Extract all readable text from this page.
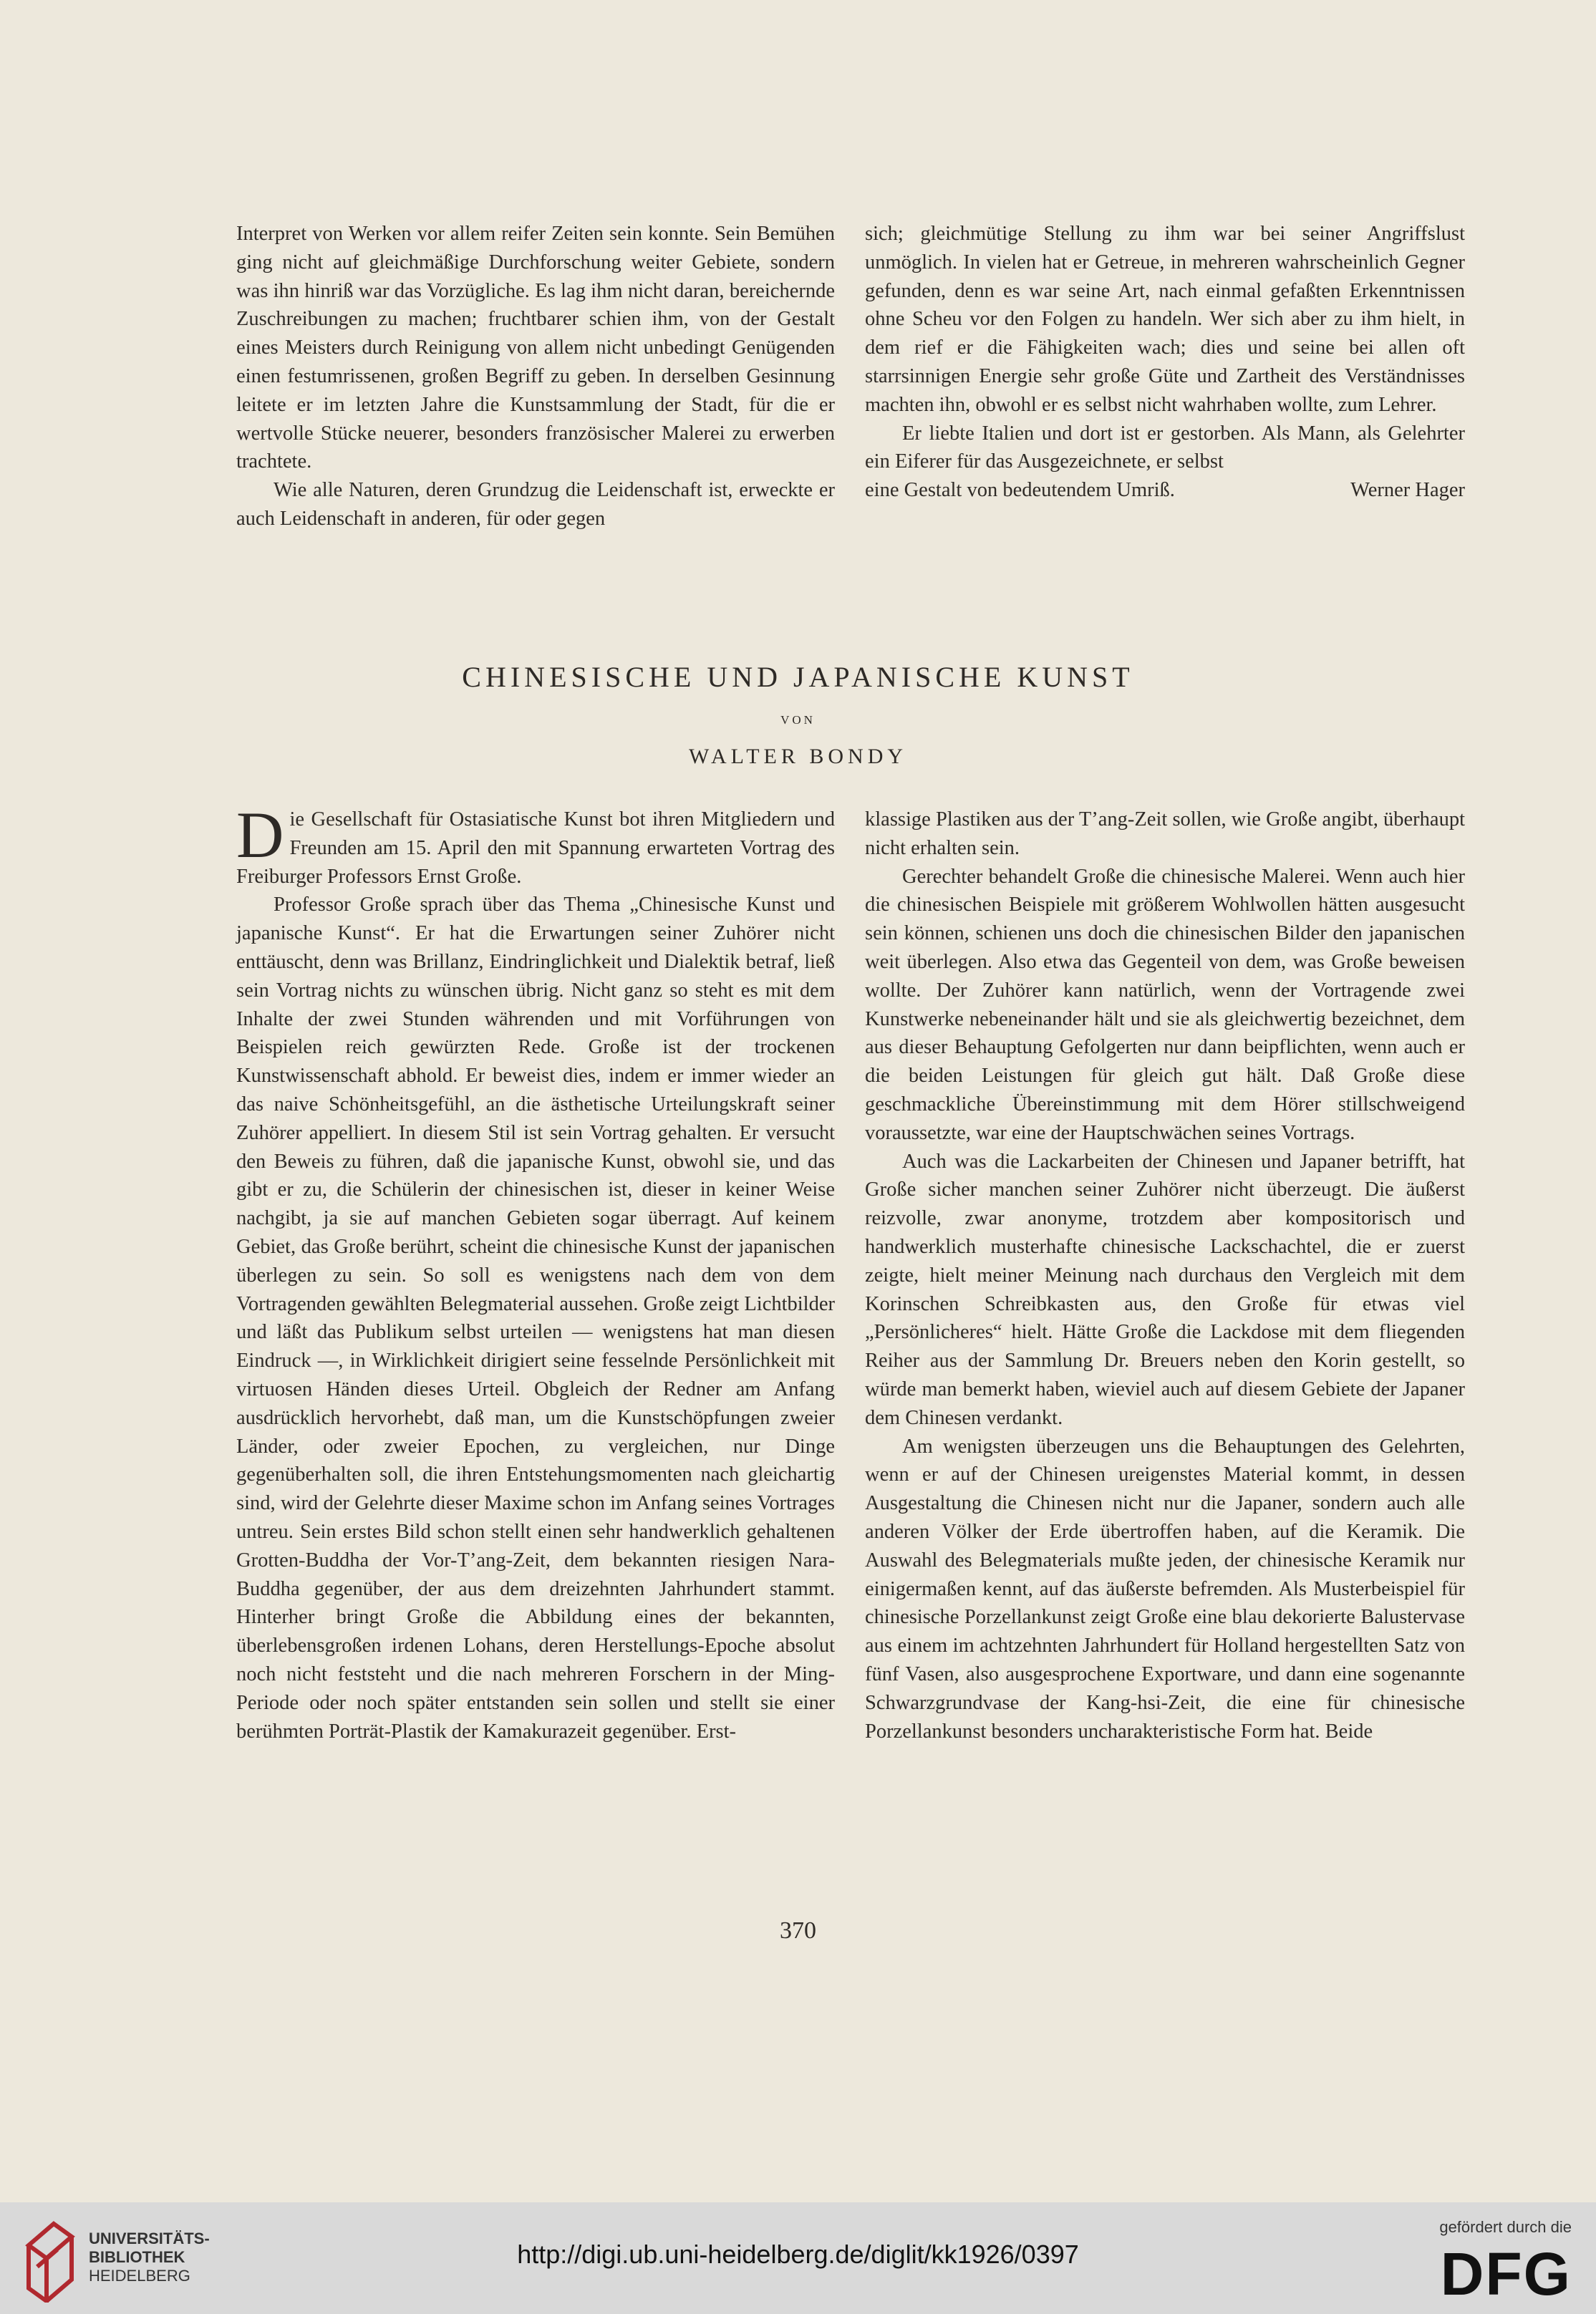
Interpret von Werken vor allem reifer Zeiten sein konnte. Sein Bemühen ging nicht auf gleichmäßige Durchforschung weiter Gebiete, sondern was ihn hinriß war das Vorzügliche. Es lag ihm nicht daran, bereichernde Zuschreibungen zu machen; fruchtbarer schien ihm, von der Gestalt eines Meisters durch Reinigung von allem nicht unbedingt Genügenden einen festumrissenen, großen Begriff zu geben. In derselben Gesinnung leitete er im letzten Jahre die Kunstsammlung der Stadt, für die er wertvolle Stücke neuerer, besonders französischer Malerei zu erwerben trachtete.

Wie alle Naturen, deren Grundzug die Leidenschaft ist, erweckte er auch Leidenschaft in anderen, für oder gegen

sich; gleichmütige Stellung zu ihm war bei seiner Angriffslust unmöglich. In vielen hat er Getreue, in mehreren wahrscheinlich Gegner gefunden, denn es war seine Art, nach einmal gefaßten Erkenntnissen ohne Scheu vor den Folgen zu handeln. Wer sich aber zu ihm hielt, in dem rief er die Fähigkeiten wach; dies und seine bei allen oft starrsinnigen Energie sehr große Güte und Zartheit des Verständnisses machten ihn, obwohl er es selbst nicht wahrhaben wollte, zum Lehrer.

Er liebte Italien und dort ist er gestorben. Als Mann, als Gelehrter ein Eiferer für das Ausgezeichnete, er selbst

eine Gestalt von bedeutendem Umriß.	Werner Hager
CHINESISCHE UND JAPANISCHE KUNST
VON
WALTER BONDY

Die Gesellschaft für Ostasiatische Kunst bot ihren Mitgliedern und Freunden am 15. April den mit Spannung erwarteten Vortrag des Freiburger Professors Ernst Große.

Professor Große sprach über das Thema „Chinesische Kunst und japanische Kunst“. Er hat die Erwartungen seiner Zuhörer nicht enttäuscht, denn was Brillanz, Eindringlichkeit und Dialektik betraf, ließ sein Vortrag nichts zu wünschen übrig. Nicht ganz so steht es mit dem Inhalte der zwei Stunden währenden und mit Vorführungen von Beispielen reich gewürzten Rede. Große ist der trockenen Kunstwissenschaft abhold. Er beweist dies, indem er immer wieder an das naive Schönheitsgefühl, an die ästhetische Urteilungskraft seiner Zuhörer appelliert. In diesem Stil ist sein Vortrag gehalten. Er versucht den Beweis zu führen, daß die japanische Kunst, obwohl sie, und das gibt er zu, die Schülerin der chinesischen ist, dieser in keiner Weise nachgibt, ja sie auf manchen Gebieten sogar überragt. Auf keinem Gebiet, das Große berührt, scheint die chinesische Kunst der japanischen überlegen zu sein. So soll es wenigstens nach dem von dem Vortragenden gewählten Belegmaterial aussehen. Große zeigt Lichtbilder und läßt das Publikum selbst urteilen — wenigstens hat man diesen Eindruck —, in Wirklichkeit dirigiert seine fesselnde Persönlichkeit mit virtuosen Händen dieses Urteil. Obgleich der Redner am Anfang ausdrücklich hervorhebt, daß man, um die Kunstschöpfungen zweier Länder, oder zweier Epochen, zu vergleichen, nur Dinge gegenüberhalten soll, die ihren Entstehungsmomenten nach gleichartig sind, wird der Gelehrte dieser Maxime schon im Anfang seines Vortrages untreu. Sein erstes Bild schon stellt einen sehr handwerklich gehaltenen Grotten-Buddha der Vor-T’ang-Zeit, dem bekannten riesigen Nara-Buddha gegenüber, der aus dem dreizehnten Jahrhundert stammt. Hinterher bringt Große die Abbildung eines der bekannten, überlebensgroßen irdenen Lohans, deren Herstellungs-Epoche absolut noch nicht feststeht und die nach mehreren Forschern in der Ming-Periode oder noch später entstanden sein sollen und stellt sie einer berühmten Porträt-Plastik der Kamakurazeit gegenüber. Erst-

klassige Plastiken aus der T’ang-Zeit sollen, wie Große angibt, überhaupt nicht erhalten sein.

Gerechter behandelt Große die chinesische Malerei. Wenn auch hier die chinesischen Beispiele mit größerem Wohlwollen hätten ausgesucht sein können, schienen uns doch die chinesischen Bilder den japanischen weit überlegen. Also etwa das Gegenteil von dem, was Große beweisen wollte. Der Zuhörer kann natürlich, wenn der Vortragende zwei Kunstwerke nebeneinander hält und sie als gleichwertig bezeichnet, dem aus dieser Behauptung Gefolgerten nur dann beipflichten, wenn auch er die beiden Leistungen für gleich gut hält. Daß Große diese geschmackliche Übereinstimmung mit dem Hörer stillschweigend voraussetzte, war eine der Hauptschwächen seines Vortrags.

Auch was die Lackarbeiten der Chinesen und Japaner betrifft, hat Große sicher manchen seiner Zuhörer nicht überzeugt. Die äußerst reizvolle, zwar anonyme, trotzdem aber kompositorisch und handwerklich musterhafte chinesische Lackschachtel, die er zuerst zeigte, hielt meiner Meinung nach durchaus den Vergleich mit dem Korinschen Schreibkasten aus, den Große für etwas viel „Persönlicheres“ hielt. Hätte Große die Lackdose mit dem fliegenden Reiher aus der Sammlung Dr. Breuers neben den Korin gestellt, so würde man bemerkt haben, wieviel auch auf diesem Gebiete der Japaner dem Chinesen verdankt.

Am wenigsten überzeugen uns die Behauptungen des Gelehrten, wenn er auf der Chinesen ureigenstes Material kommt, in dessen Ausgestaltung die Chinesen nicht nur die Japaner, sondern auch alle anderen Völker der Erde übertroffen haben, auf die Keramik. Die Auswahl des Belegmaterials mußte jeden, der chinesische Keramik nur einigermaßen kennt, auf das äußerste befremden. Als Musterbeispiel für chinesische Porzellankunst zeigt Große eine blau dekorierte Balustervase aus einem im achtzehnten Jahrhundert für Holland hergestellten Satz von fünf Vasen, also ausgesprochene Exportware, und dann eine sogenannte Schwarzgrundvase der Kang-hsi-Zeit, die eine für chinesische Porzellankunst besonders uncharakteristische Form hat. Beide

370
UNIVERSITÄTS-
BIBLIOTHEK
HEIDELBERG
http://digi.ub.uni-heidelberg.de/diglit/kk1926/0397
gefördert durch die
DFG
